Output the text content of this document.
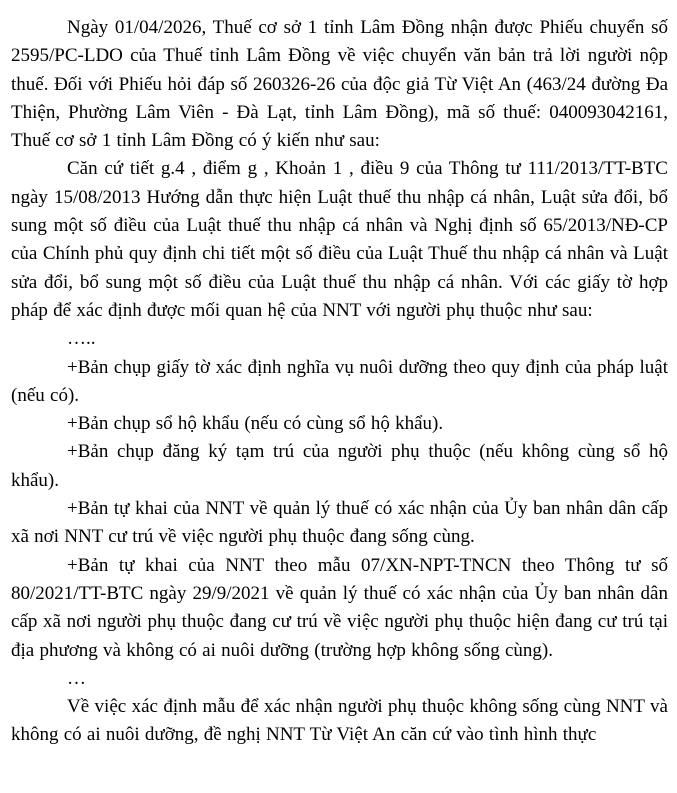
Ngày 01/04/2026, Thuế cơ sở 1 tỉnh Lâm Đồng nhận được Phiếu chuyển số 2595/PC-LDO của Thuế tỉnh Lâm Đồng về việc chuyển văn bản trả lời người nộp thuế. Đối với Phiếu hỏi đáp số 260326-26 của độc giả Từ Việt An (463/24 đường Đa Thiện, Phường Lâm Viên - Đà Lạt, tỉnh Lâm Đồng), mã số thuế: 040093042161, Thuế cơ sở 1 tỉnh Lâm Đồng có ý kiến như sau:

Căn cứ tiết g.4 , điểm g , Khoản 1 , điều 9 của Thông tư 111/2013/TT-BTC ngày 15/08/2013 Hướng dẫn thực hiện Luật thuế thu nhập cá nhân, Luật sửa đổi, bổ sung một số điều của Luật thuế thu nhập cá nhân và Nghị định số 65/2013/NĐ-CP của Chính phủ quy định chi tiết một số điều của Luật Thuế thu nhập cá nhân và Luật sửa đổi, bổ sung một số điều của Luật thuế thu nhập cá nhân. Với các giấy tờ hợp pháp để xác định được mối quan hệ của NNT với người phụ thuộc như sau:

…..

+Bản chụp giấy tờ xác định nghĩa vụ nuôi dưỡng theo quy định của pháp luật (nếu có).

+Bản chụp sổ hộ khẩu (nếu có cùng sổ hộ khẩu).

+Bản chụp đăng ký tạm trú của người phụ thuộc (nếu không cùng sổ hộ khẩu).

+Bản tự khai của NNT về quản lý thuế có xác nhận của Ủy ban nhân dân cấp xã nơi NNT cư trú về việc người phụ thuộc đang sống cùng.

+Bản tự khai của NNT theo mẫu 07/XN-NPT-TNCN theo Thông tư số 80/2021/TT-BTC ngày 29/9/2021 về quản lý thuế có xác nhận của Ủy ban nhân dân cấp xã nơi người phụ thuộc đang cư trú về việc người phụ thuộc hiện đang cư trú tại địa phương và không có ai nuôi dưỡng (trường hợp không sống cùng).

…

Về việc xác định mẫu để xác nhận người phụ thuộc không sống cùng NNT và không có ai nuôi dưỡng, đề nghị NNT Từ Việt An căn cứ vào tình hình thực
